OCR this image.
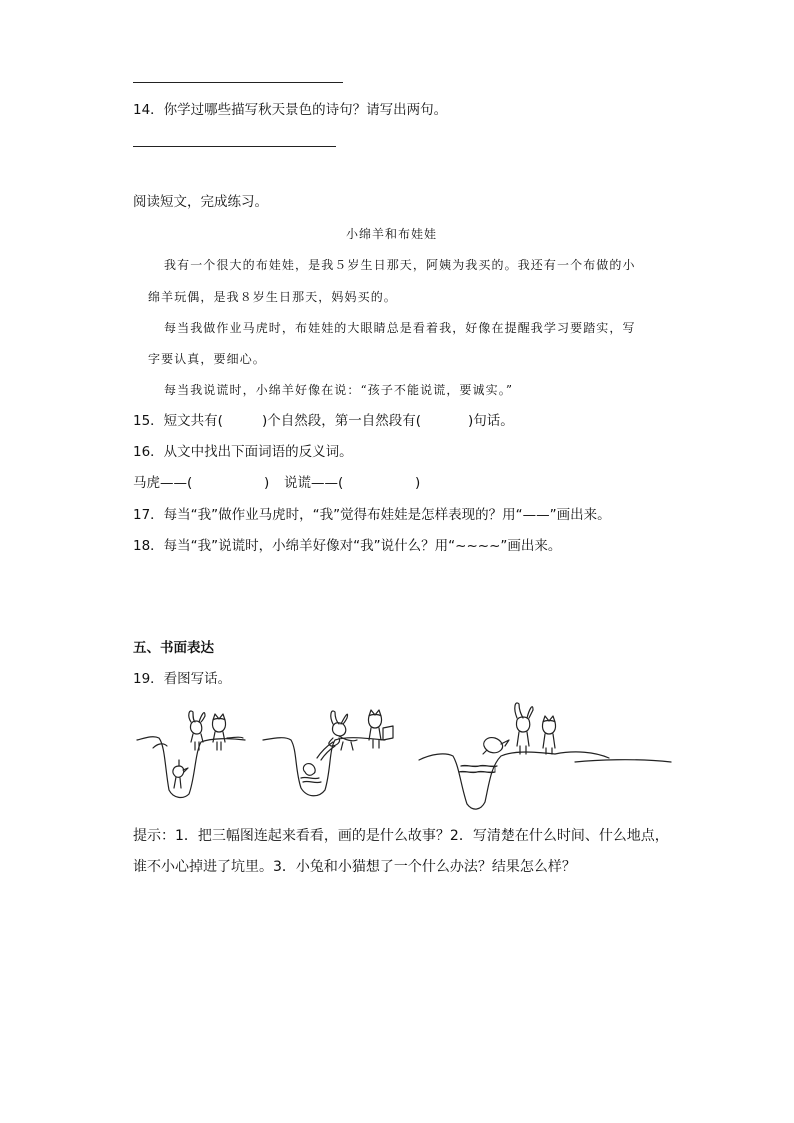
14．你学过哪些描写秋天景色的诗句？请写出两句。
阅读短文，完成练习。
小绵羊和布娃娃
我有一个很大的布娃娃，是我５岁生日那天，阿姨为我买的。我还有一个布做的小
绵羊玩偶，是我８岁生日那天，妈妈买的。
每当我做作业马虎时，布娃娃的大眼睛总是看着我，好像在提醒我学习要踏实，写
字要认真，要细心。
每当我说谎时，小绵羊好像在说：“孩子不能说谎，要诚实。”
15．短文共有(	)个自然段，第一自然段有(	)句话。
16．从文中找出下面词语的反义词。
马虎——(	) 说谎——(	)
17．每当“我”做作业马虎时，“我”觉得布娃娃是怎样表现的？用“——”画出来。
18．每当“我”说谎时，小绵羊好像对“我”说什么？用“~~~~”画出来。
五、书面表达
19．看图写话。
提示：1．把三幅图连起来看看，画的是什么故事？2．写清楚在什么时间、什么地点，
谁不小心掉进了坑里。3．小兔和小猫想了一个什么办法？结果怎么样？
